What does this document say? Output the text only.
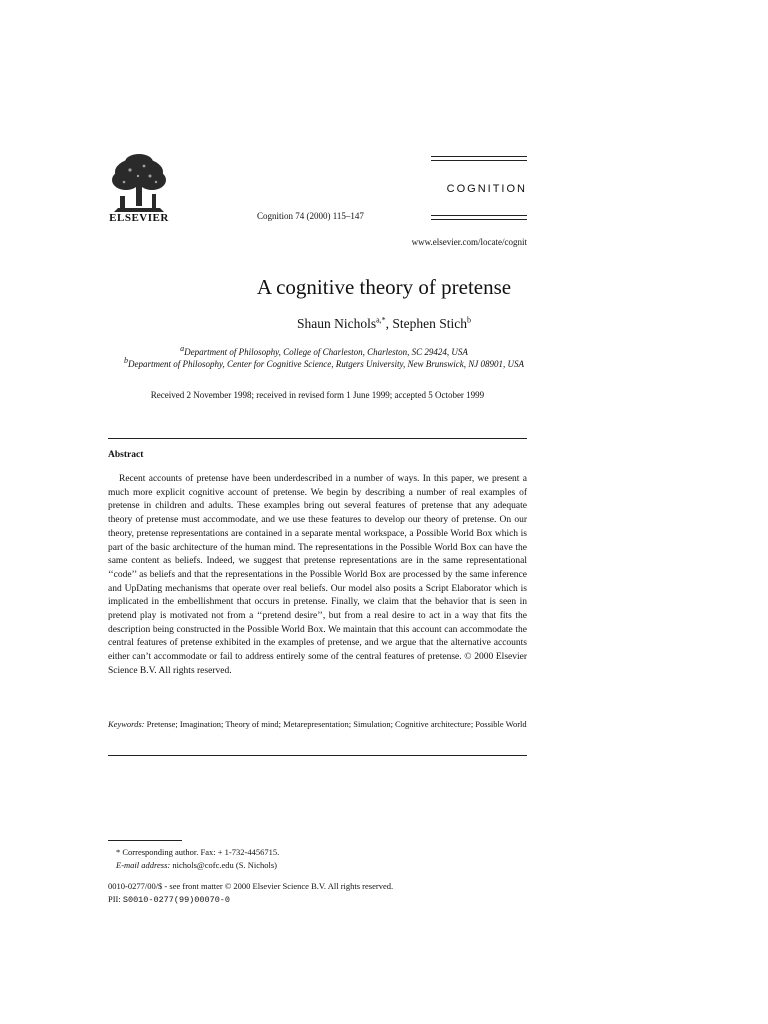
ELSEVIER
COGNITION
Cognition 74 (2000) 115–147
www.elsevier.com/locate/cognit
A cognitive theory of pretense
Shaun Nichols$^{a,*}$, Stephen Stich$^b$
$^a$Department of Philosophy, College of Charleston, Charleston, SC 29424, USA
$^b$Department of Philosophy, Center for Cognitive Science, Rutgers University, New Brunswick, NJ 08901, USA
Received 2 November 1998; received in revised form 1 June 1999; accepted 5 October 1999
Abstract

Recent accounts of pretense have been underdescribed in a number of ways. In this paper, we present a much more explicit cognitive account of pretense. We begin by describing a number of real examples of pretense in children and adults. These examples bring out several features of pretense that any adequate theory of pretense must accommodate, and we use these features to develop our theory of pretense. On our theory, pretense representations are contained in a separate mental workspace, a Possible World Box which is part of the basic architecture of the human mind. The representations in the Possible World Box can have the same content as beliefs. Indeed, we suggest that pretense representations are in the same representational ‘‘code’’ as beliefs and that the representations in the Possible World Box are processed by the same inference and UpDating mechanisms that operate over real beliefs. Our model also posits a Script Elaborator which is implicated in the embellishment that occurs in pretense. Finally, we claim that the behavior that is seen in pretend play is motivated not from a ‘‘pretend desire’’, but from a real desire to act in a way that fits the description being constructed in the Possible World Box. We maintain that this account can accommodate the central features of pretense exhibited in the examples of pretense, and we argue that the alternative accounts either can’t accommodate or fail to address entirely some of the central features of pretense. © 2000 Elsevier Science B.V. All rights reserved.

Keywords: Pretense; Imagination; Theory of mind; Metarepresentation; Simulation; Cognitive architecture; Possible World

* Corresponding author. Fax: + 1-732-4456715.
E-mail address: nichols@cofc.edu (S. Nichols)
0010-0277/00/$ - see front matter © 2000 Elsevier Science B.V. All rights reserved.
PII: S0010-0277(99)00070-0
